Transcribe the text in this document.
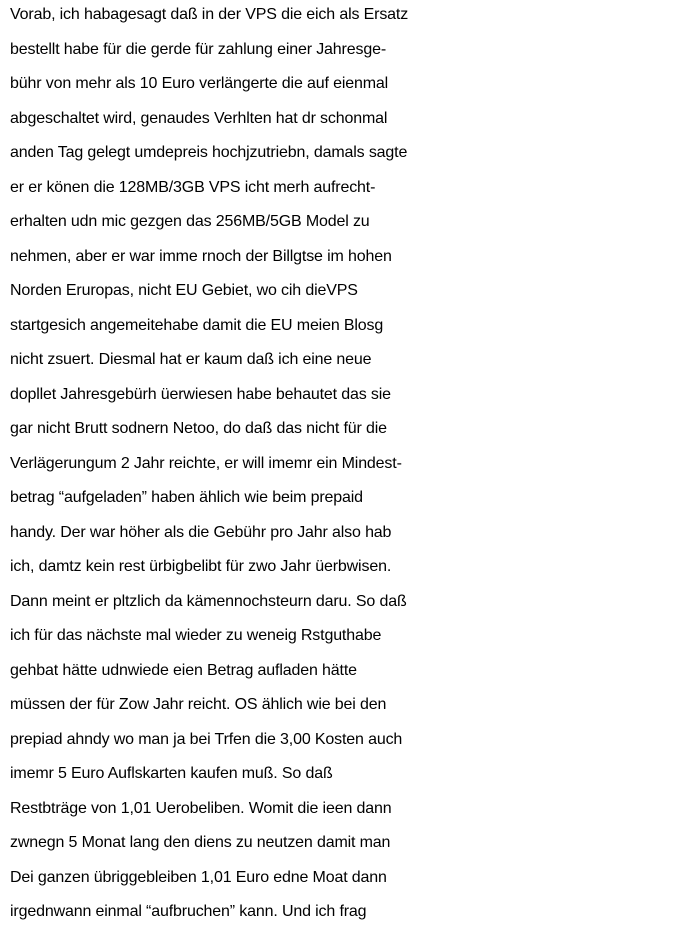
Vorab, ich habagesagt daß in der VPS die eich als Ersatz
bestellt habe für die gerde für zahlung einer Jahresge-
bühr von mehr als 10 Euro verlängerte die auf eienmal
abgeschaltet wird, genaudes Verhlten hat dr schonmal
anden Tag gelegt umdepreis hochjzutriebn, damals sagte
er er könen die 128MB/3GB VPS icht merh aufrecht-
erhalten udn mic gezgen das 256MB/5GB Model zu
nehmen, aber er war imme rnoch der Billgtse im hohen
Norden Eruropas, nicht EU Gebiet, wo cih dieVPS
startgesich angemeitehabe damit die EU meien Blosg
nicht zsuert. Diesmal hat er kaum daß ich eine neue
dopllet Jahresgebürh üerwiesen habe behautet das sie
gar nicht Brutt sodnern Netoo, do daß das nicht für die
Verlägerungum 2 Jahr reichte, er will imemr ein Mindest-
betrag “aufgeladen” haben ählich wie beim prepaid
handy. Der war höher als die Gebühr pro Jahr also hab
ich, damtz kein rest ürbigbelibt für zwo Jahr üerbwisen.
Dann meint er pltzlich da kämennochsteurn daru. So daß
ich für das nächste mal wieder zu weneig Rstguthabe
gehbat hätte udnwiede eien Betrag aufladen hätte
müssen der für Zow Jahr reicht. OS ählich wie bei den
prepiad ahndy wo man ja bei Trfen die 3,00 Kosten auch
imemr 5 Euro Auflskarten kaufen muß. So daß
Restbträge von 1,01 Uerobeliben. Womit die ieen dann
zwnegn 5 Monat lang den diens zu neutzen damit man
Dei ganzen übriggebleiben 1,01 Euro edne Moat dann
irgednwann einmal “aufbruchen” kann. Und ich frag
